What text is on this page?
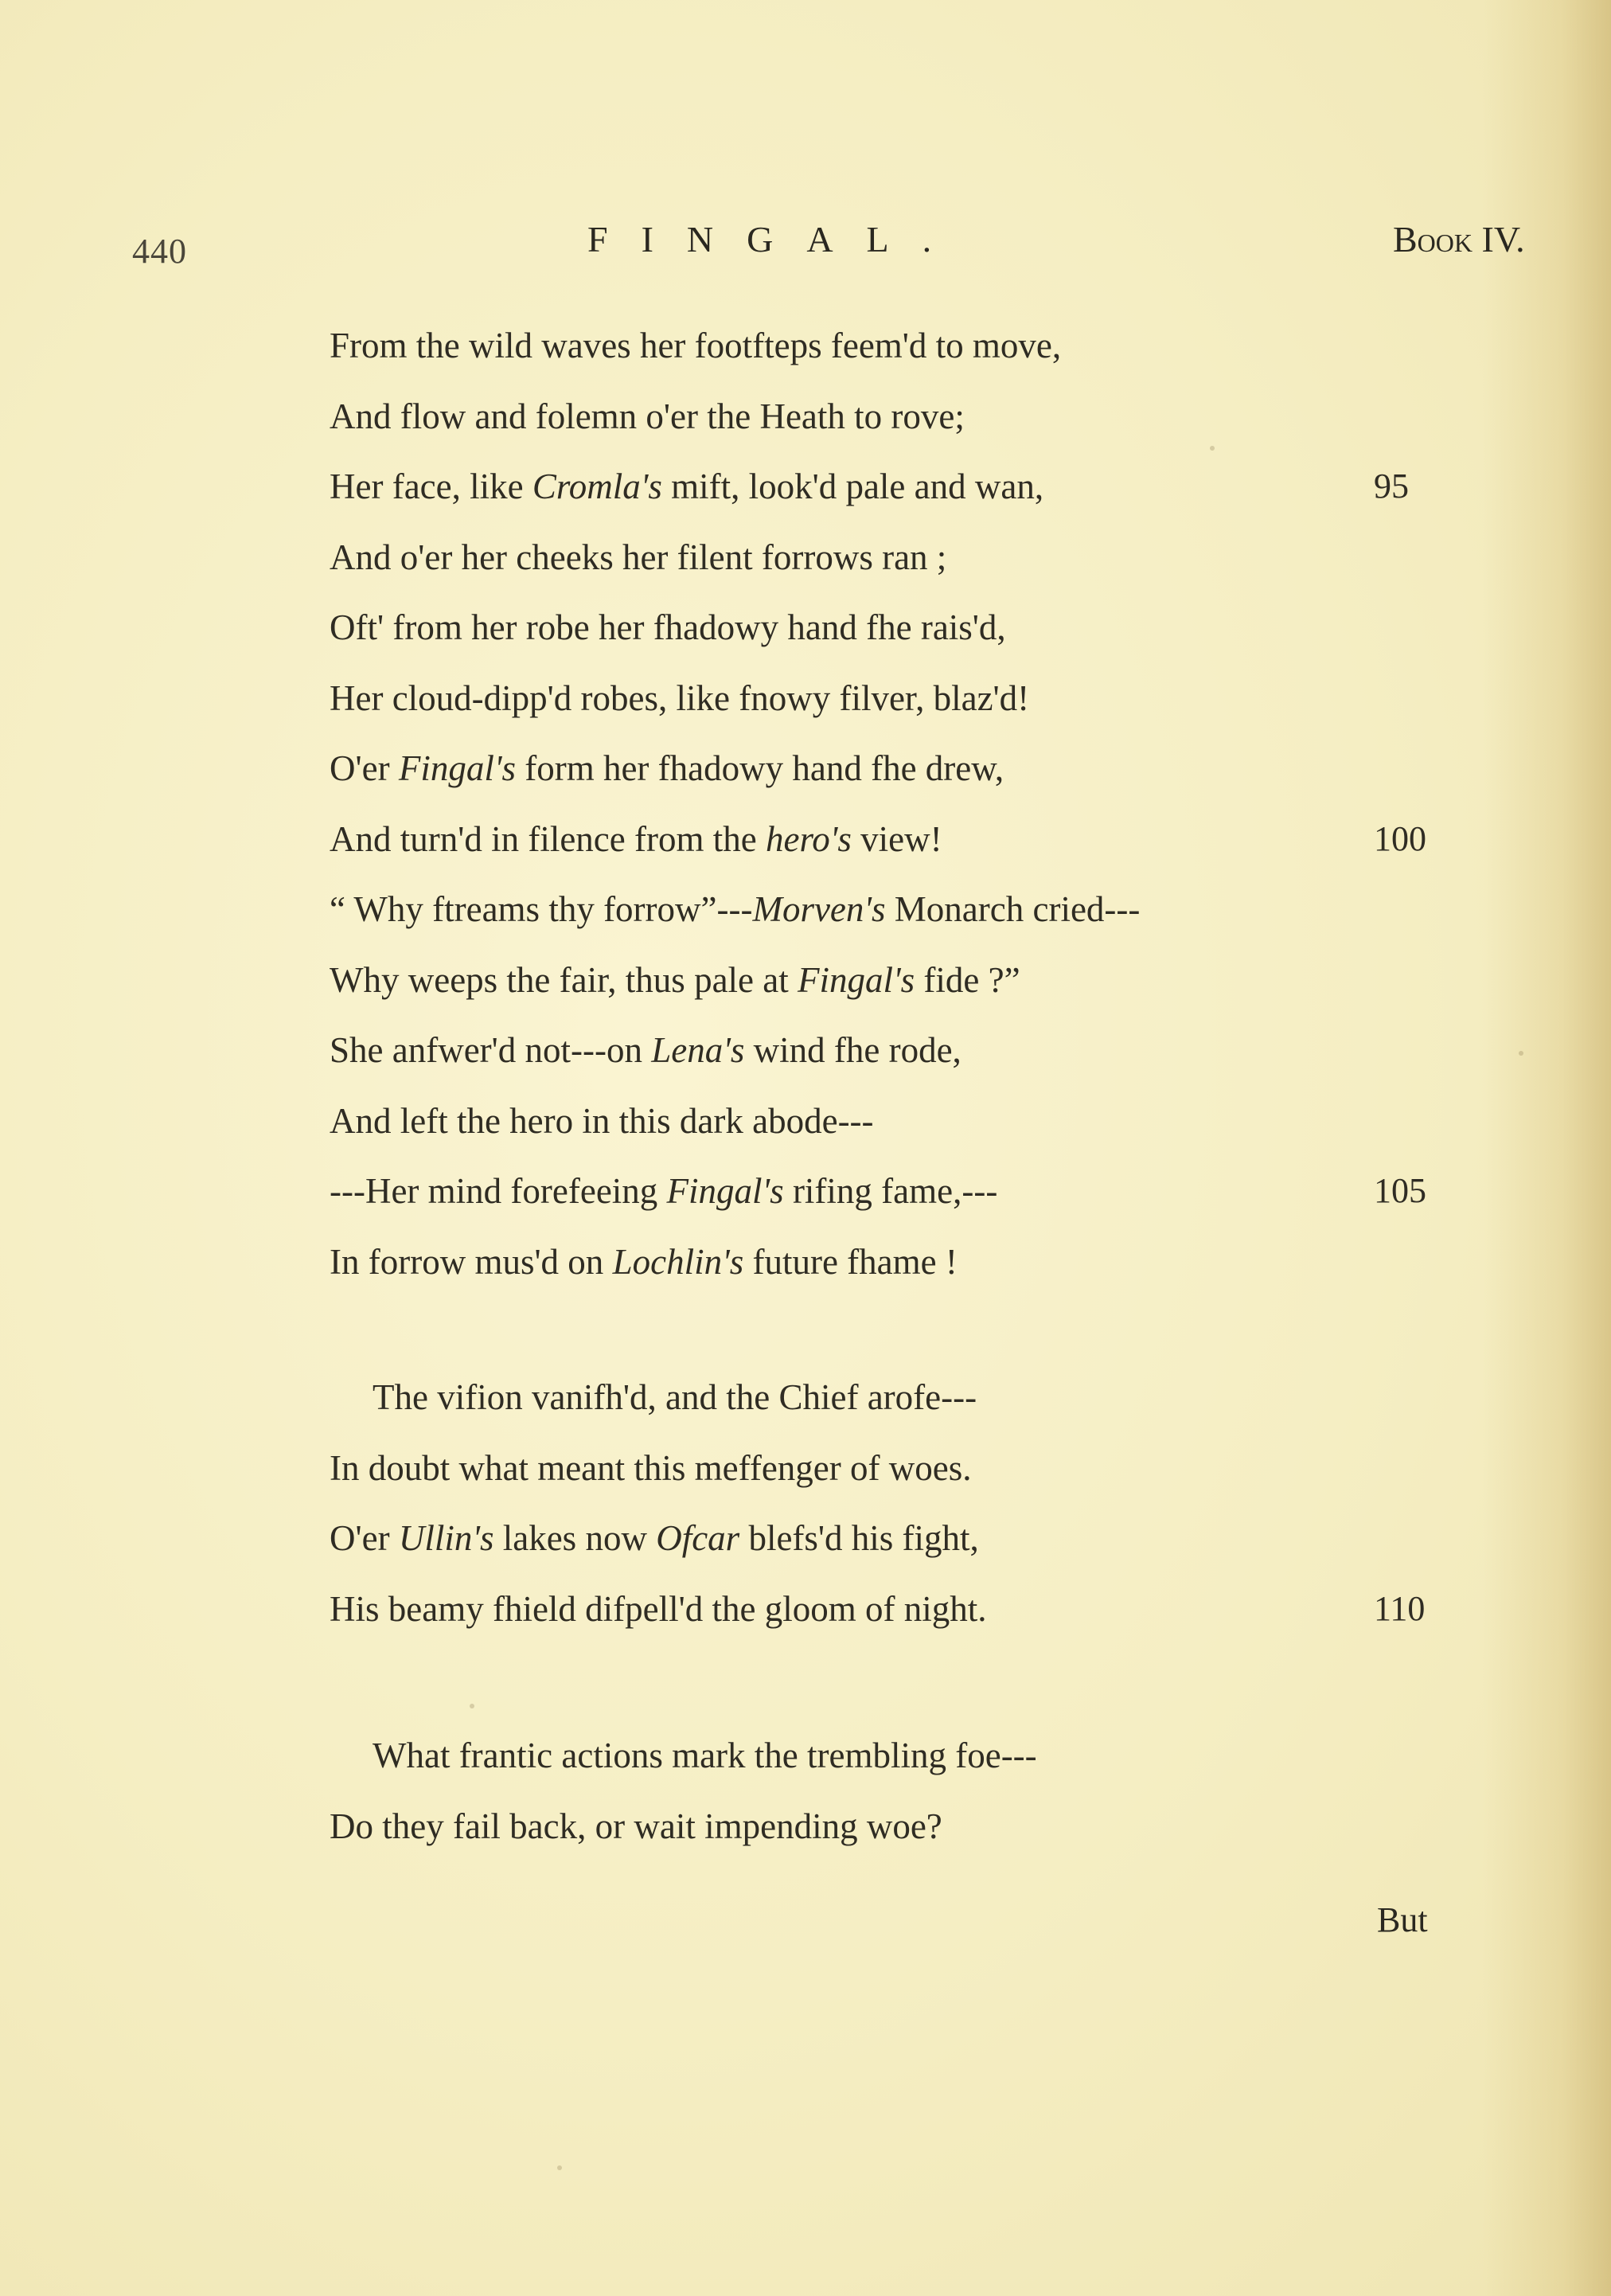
440	FINGAL.	Book IV.
From the wild waves her footfteps feem'd to move,
And flow and folemn o'er the Heath to rove;
Her face, like Cromla's mift, look'd pale and wan,	95
And o'er her cheeks her filent forrows ran ;
Oft' from her robe her fhadowy hand fhe rais'd,
Her cloud-dipp'd robes, like fnowy filver, blaz'd!
O'er Fingal's form her fhadowy hand fhe drew,
And turn'd in filence from the hero's view!	100
“ Why ftreams thy forrow”---Morven's Monarch cried---
Why weeps the fair, thus pale at Fingal's fide ?”
She anfwer'd not---on Lena's wind fhe rode,
And left the hero in this dark abode---
---Her mind forefeeing Fingal's rifing fame,---	105
In forrow mus'd on Lochlin's future fhame !
The vifion vanifh'd, and the Chief arofe---
In doubt what meant this meffenger of woes.
O'er Ullin's lakes now Ofcar blefs'd his fight,
His beamy fhield difpell'd the gloom of night.	110
What frantic actions mark the trembling foe---
Do they fail back, or wait impending woe?
But
